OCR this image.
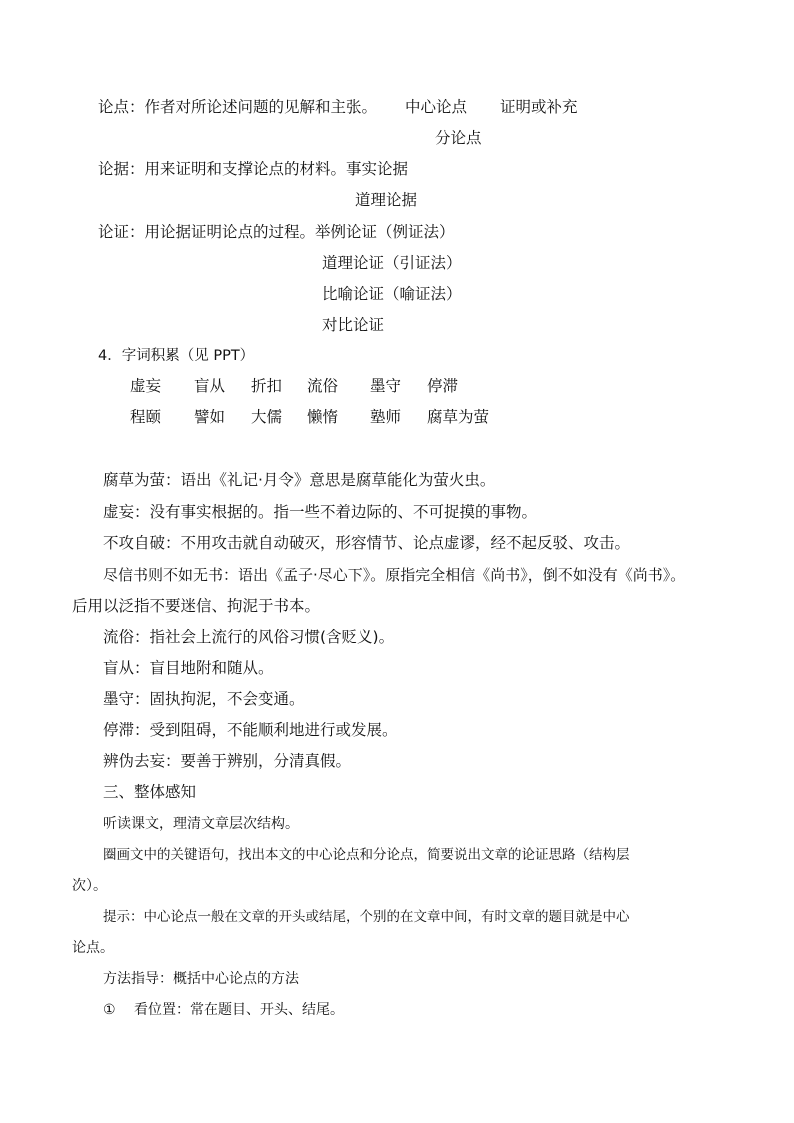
论点：作者对所论述问题的见解和主张。 中心论点 证明或补充
分论点
论据：用来证明和支撑论点的材料。事实论据
道理论据
论证：用论据证明论点的过程。举例论证（例证法）
道理论证（引证法）
比喻论证（喻证法）
对比论证
4．字词积累（见 PPT）
虚妄 盲从 折扣 流俗 墨守 停滞
程颐 譬如 大儒 懒惰 塾师 腐草为萤
腐草为萤：语出《礼记·月令》意思是腐草能化为萤火虫。
虚妄：没有事实根据的。指一些不着边际的、不可捉摸的事物。
不攻自破：不用攻击就自动破灭，形容情节、论点虚谬，经不起反驳、攻击。
尽信书则不如无书：语出《孟子·尽心下》。原指完全相信《尚书》，倒不如没有《尚书》。
后用以泛指不要迷信、拘泥于书本。
流俗：指社会上流行的风俗习惯(含贬义)。
盲从：盲目地附和随从。
墨守：固执拘泥，不会变通。
停滞：受到阻碍，不能顺利地进行或发展。
辨伪去妄：要善于辨别，分清真假。
三、整体感知
听读课文，理清文章层次结构。
圈画文中的关键语句，找出本文的中心论点和分论点，简要说出文章的论证思路（结构层
次）。
提示：中心论点一般在文章的开头或结尾，个别的在文章中间，有时文章的题目就是中心
论点。
方法指导：概括中心论点的方法
① 看位置：常在题目、开头、结尾。
